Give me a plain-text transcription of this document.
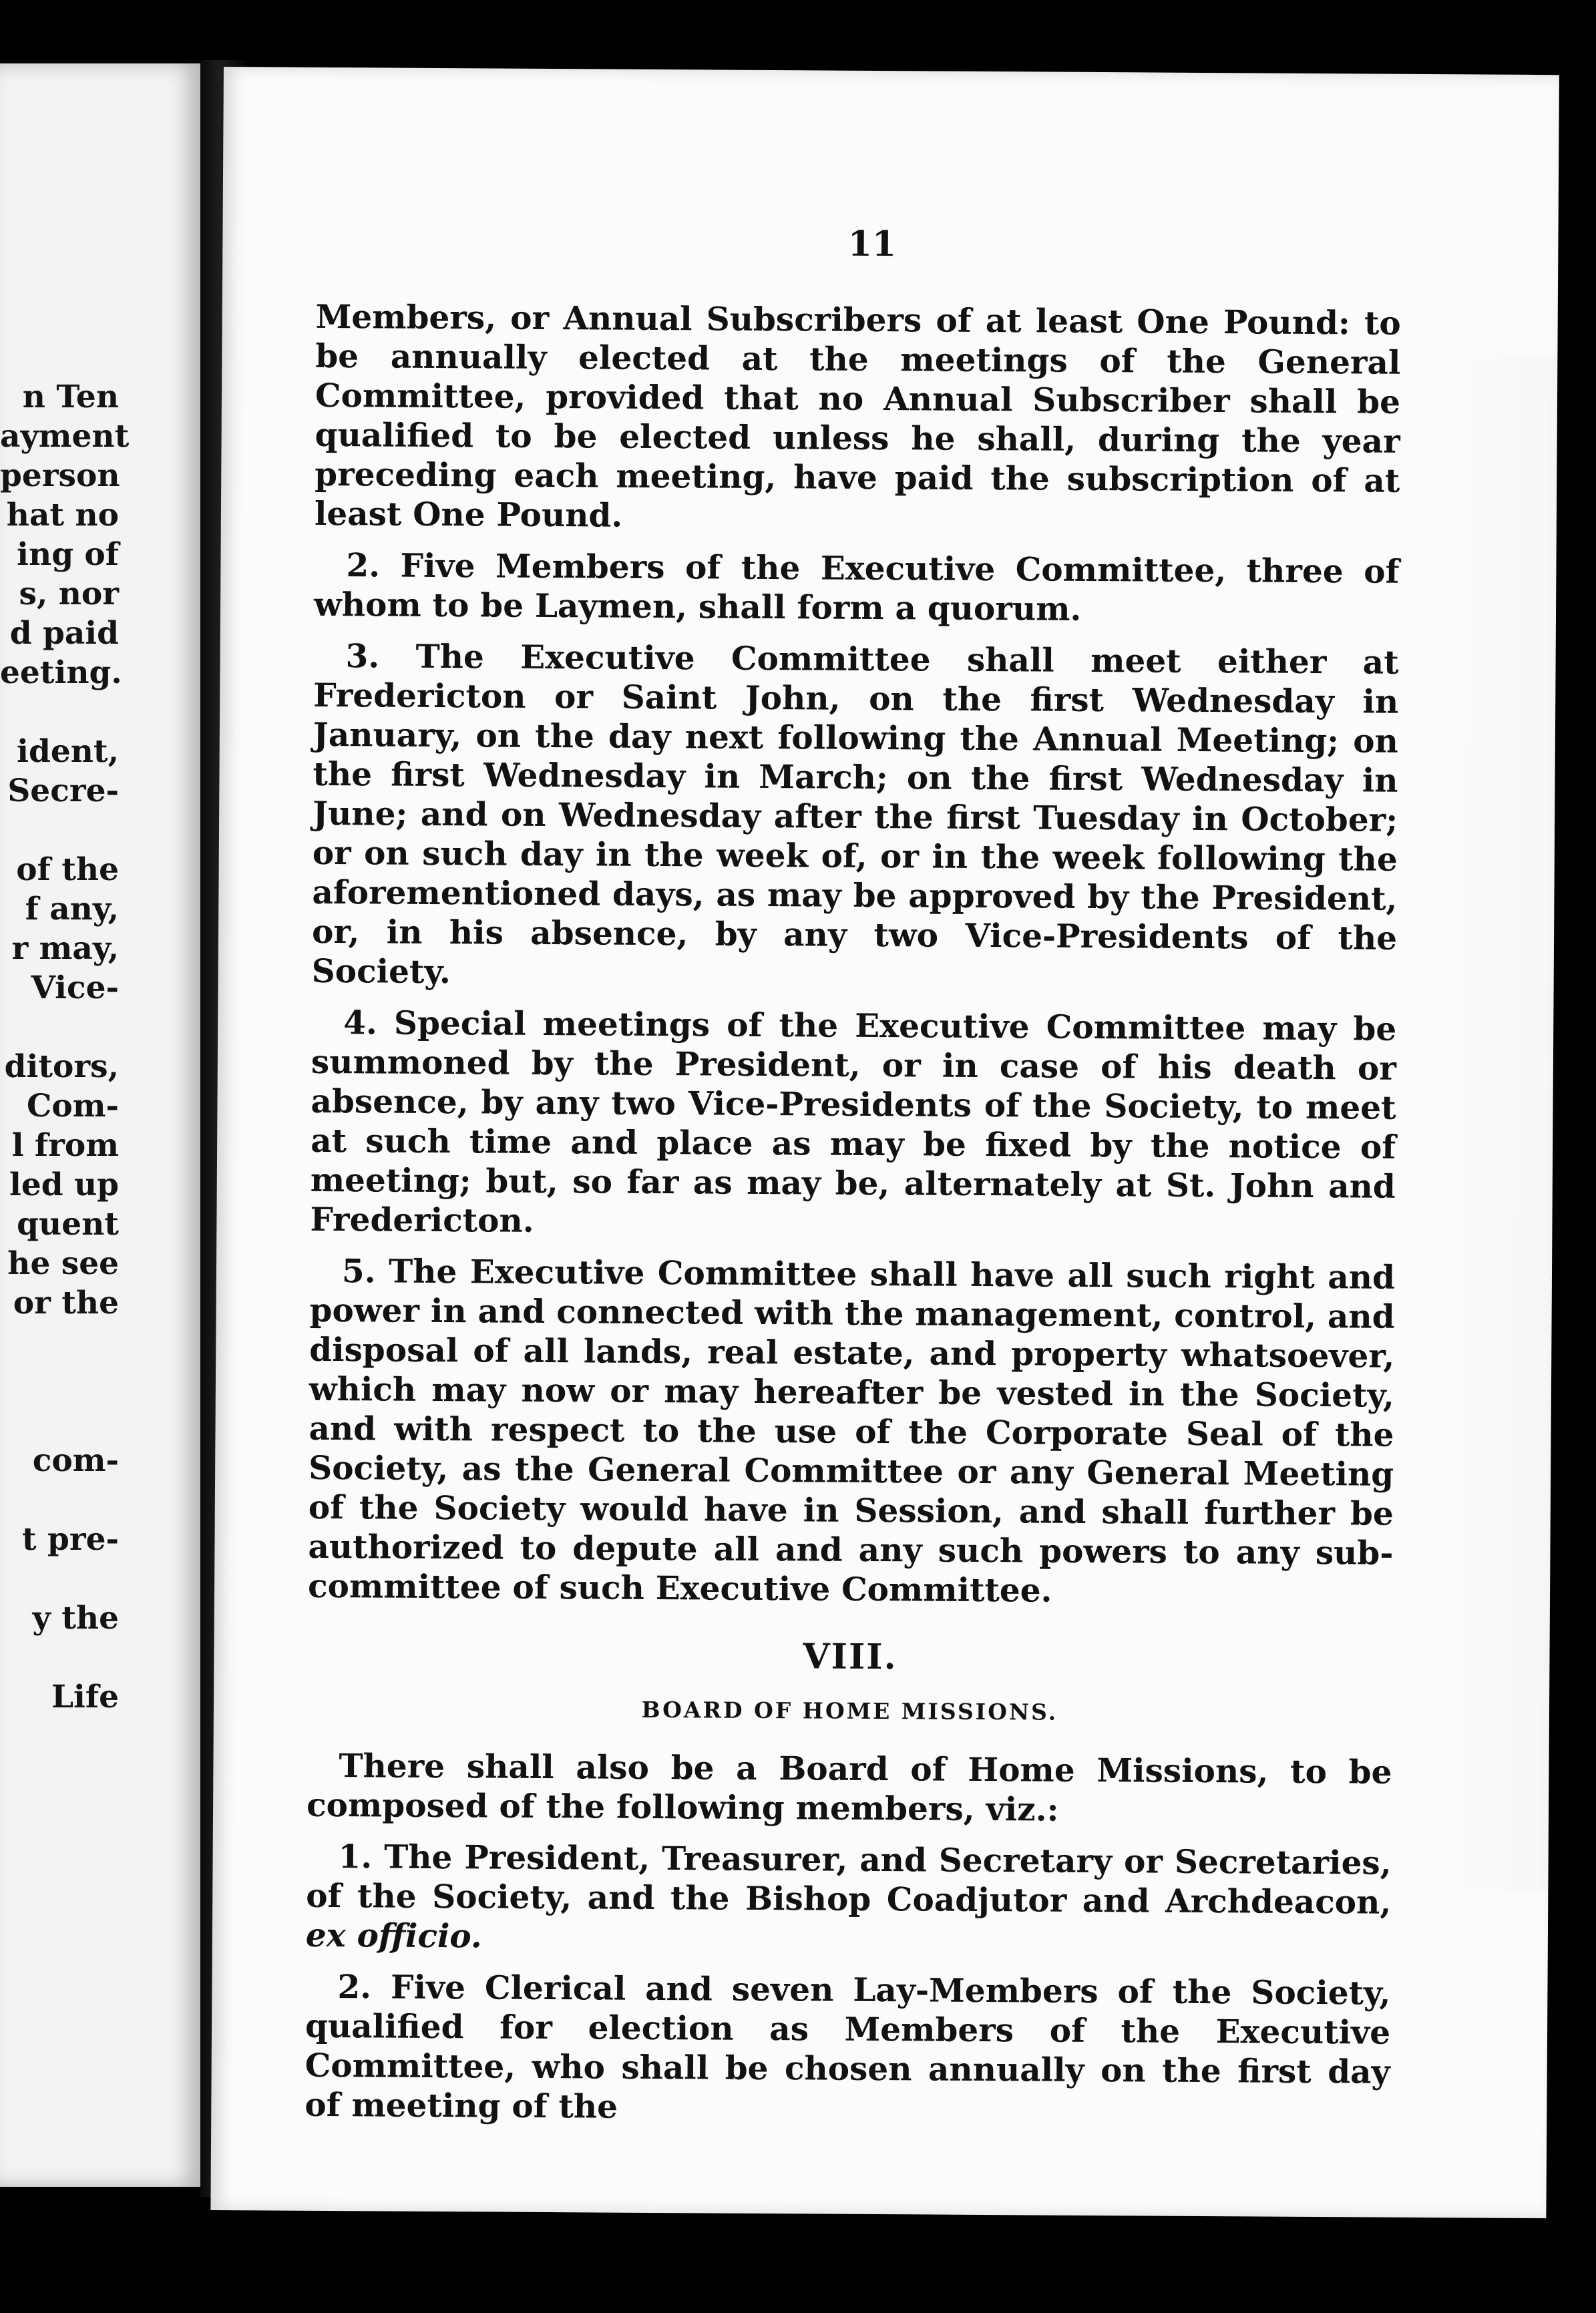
n Ten
ayment
person
hat no
ing of
s, nor
d paid
eeting.
ident,
Secre-
of the
f any,
r may,
Vice-
ditors,
Com-
l from
led up
quent
he see
or the
com-
t pre-
y the
Life
11

Members, or Annual Subscribers of at least One Pound: to be annually elected at the meetings of the General Committee, provided that no Annual Subscriber shall be qualified to be elected unless he shall, during the year preceding each meeting, have paid the subscription of at least One Pound.

2. Five Members of the Executive Committee, three of whom to be Laymen, shall form a quorum.

3. The Executive Committee shall meet either at Fredericton or Saint John, on the first Wednesday in January, on the day next following the Annual Meeting; on the first Wednesday in March; on the first Wednesday in June; and on Wednesday after the first Tuesday in October; or on such day in the week of, or in the week following the aforementioned days, as may be approved by the President, or, in his absence, by any two Vice-Presidents of the Society.

4. Special meetings of the Executive Committee may be summoned by the President, or in case of his death or absence, by any two Vice-Presidents of the Society, to meet at such time and place as may be fixed by the notice of meeting; but, so far as may be, alternately at St. John and Fredericton.

5. The Executive Committee shall have all such right and power in and connected with the management, control, and disposal of all lands, real estate, and property whatsoever, which may now or may hereafter be vested in the Society, and with respect to the use of the Corporate Seal of the Society, as the General Committee or any General Meeting of the Society would have in Session, and shall further be authorized to depute all and any such powers to any sub-committee of such Executive Committee.

VIII.
BOARD OF HOME MISSIONS.

There shall also be a Board of Home Missions, to be composed of the following members, viz.:

1. The President, Treasurer, and Secretary or Secretaries, of the Society, and the Bishop Coadjutor and Archdeacon, ex officio.

2. Five Clerical and seven Lay-Members of the Society, qualified for election as Members of the Executive Committee, who shall be chosen annually on the first day of meeting of the
